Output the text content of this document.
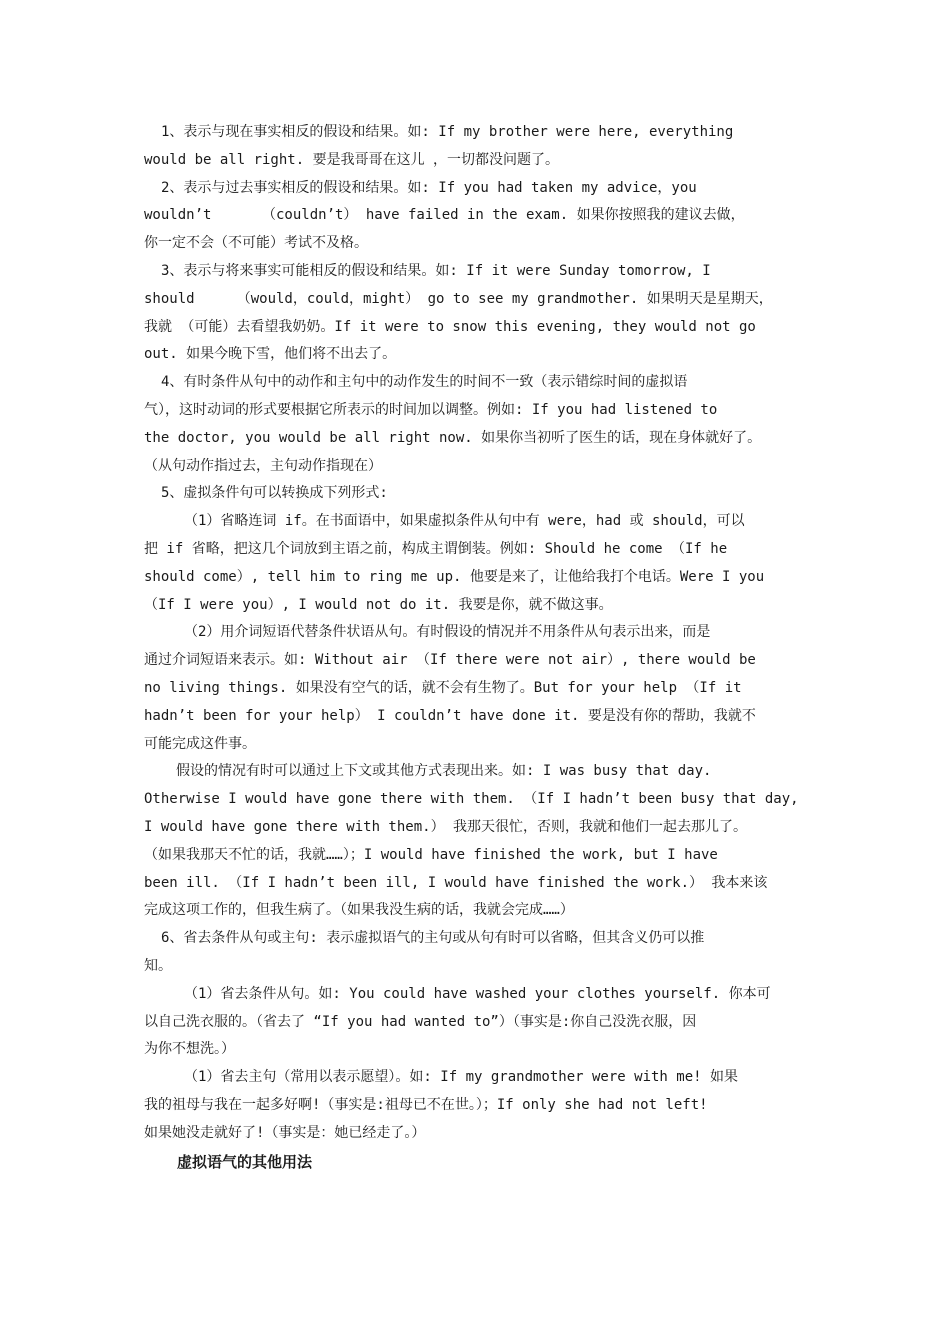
1、表示与现在事实相反的假设和结果。如: If my brother were here, everything
would be all right. 要是我哥哥在这儿 ，一切都没问题了。
2、表示与过去事实相反的假设和结果。如: If you had taken my advice，you
wouldn’t      （couldn’t） have failed in the exam. 如果你按照我的建议去做，
你一定不会（不可能）考试不及格。
3、表示与将来事实可能相反的假设和结果。如: If it were Sunday tomorrow, I
should     （would，could，might） go to see my grandmother. 如果明天是星期天，
我就 （可能）去看望我奶奶。If it were to snow this evening, they would not go
out. 如果今晚下雪，他们将不出去了。
4、有时条件从句中的动作和主句中的动作发生的时间不一致（表示错综时间的虚拟语
气），这时动词的形式要根据它所表示的时间加以调整。例如: If you had listened to
the doctor, you would be all right now. 如果你当初听了医生的话，现在身体就好了。
（从句动作指过去，主句动作指现在）
5、虚拟条件句可以转换成下列形式:
（1）省略连词 if。在书面语中，如果虚拟条件从句中有 were，had 或 should，可以
把 if 省略，把这几个词放到主语之前，构成主谓倒装。例如: Should he come （If he
should come）, tell him to ring me up. 他要是来了，让他给我打个电话。Were I you
（If I were you）, I would not do it. 我要是你，就不做这事。
（2）用介词短语代替条件状语从句。有时假设的情况并不用条件从句表示出来，而是
通过介词短语来表示。如: Without air （If there were not air）, there would be
no living things. 如果没有空气的话，就不会有生物了。But for your help （If it
hadn’t been for your help） I couldn’t have done it. 要是没有你的帮助，我就不
可能完成这件事。
假设的情况有时可以通过上下文或其他方式表现出来。如: I was busy that day.
Otherwise I would have gone there with them. （If I hadn’t been busy that day,
I would have gone there with them.） 我那天很忙，否则，我就和他们一起去那儿了。
（如果我那天不忙的话，我就……）；I would have finished the work, but I have
been ill. （If I hadn’t been ill, I would have finished the work.） 我本来该
完成这项工作的，但我生病了。（如果我没生病的话，我就会完成……）
6、省去条件从句或主句: 表示虚拟语气的主句或从句有时可以省略，但其含义仍可以推
知。
（1）省去条件从句。如: You could have washed your clothes yourself. 你本可
以自己洗衣服的。（省去了 “If you had wanted to”）（事实是:你自己没洗衣服，因
为你不想洗。）
（1）省去主句（常用以表示愿望）。如: If my grandmother were with me! 如果
我的祖母与我在一起多好啊!（事实是:祖母已不在世。）；If only she had not left!
如果她没走就好了!（事实是：她已经走了。）
虚拟语气的其他用法
